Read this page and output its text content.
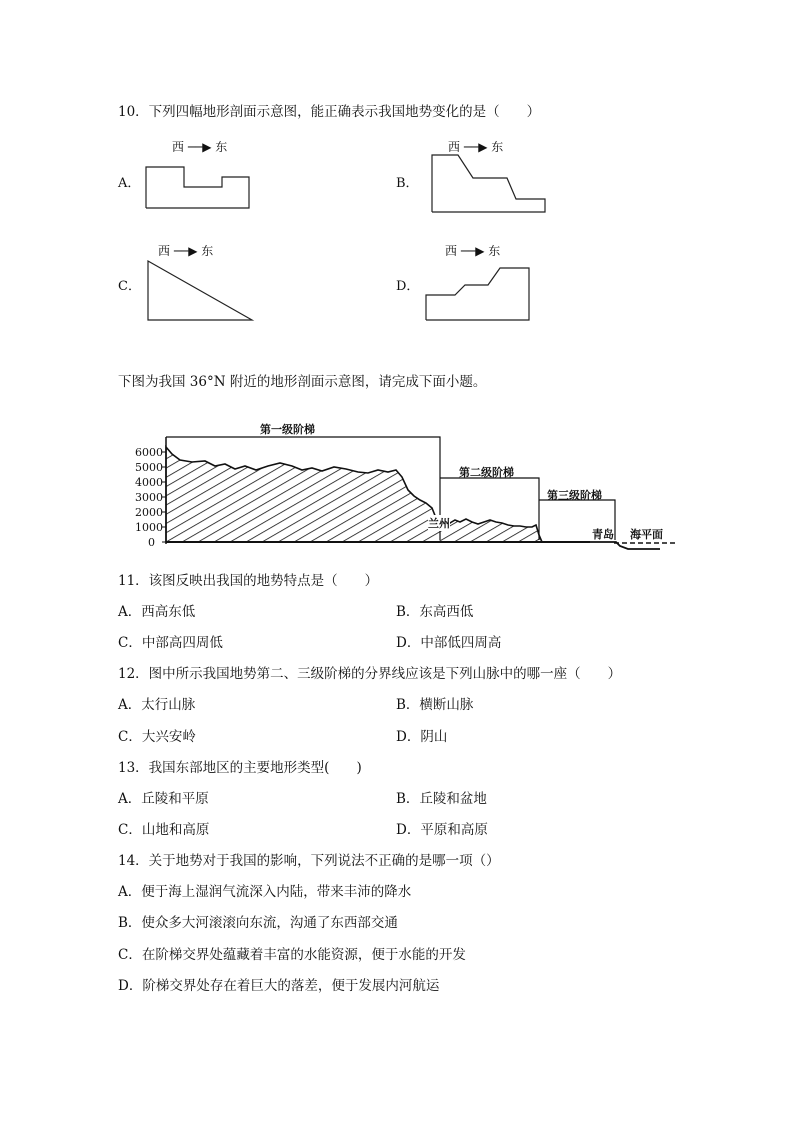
10．下列四幅地形剖面示意图，能正确表示我国地势变化的是（　　）
A．
西 ──▶ 东
B．
西 ──▶ 东
C．
西 ──▶ 东
D．
西 ──▶ 东
下图为我国 36°N 附近的地形剖面示意图，请完成下面小题。
6000
5000
4000
3000
2000
1000
0
第一级阶梯
第二级阶梯
第三级阶梯
兰州
青岛 海平面
11．该图反映出我国的地势特点是（　　）
A．西高东低	B．东高西低
C．中部高四周低	D．中部低四周高
12．图中所示我国地势第二、三级阶梯的分界线应该是下列山脉中的哪一座（　　）
A．太行山脉	B．横断山脉
C．大兴安岭	D．阴山
13．我国东部地区的主要地形类型(　　)
A．丘陵和平原	B．丘陵和盆地
C．山地和高原	D．平原和高原
14．关于地势对于我国的影响，下列说法不正确的是哪一项（）
A．便于海上湿润气流深入内陆，带来丰沛的降水
B．使众多大河滚滚向东流，沟通了东西部交通
C．在阶梯交界处蕴藏着丰富的水能资源，便于水能的开发
D．阶梯交界处存在着巨大的落差，便于发展内河航运
